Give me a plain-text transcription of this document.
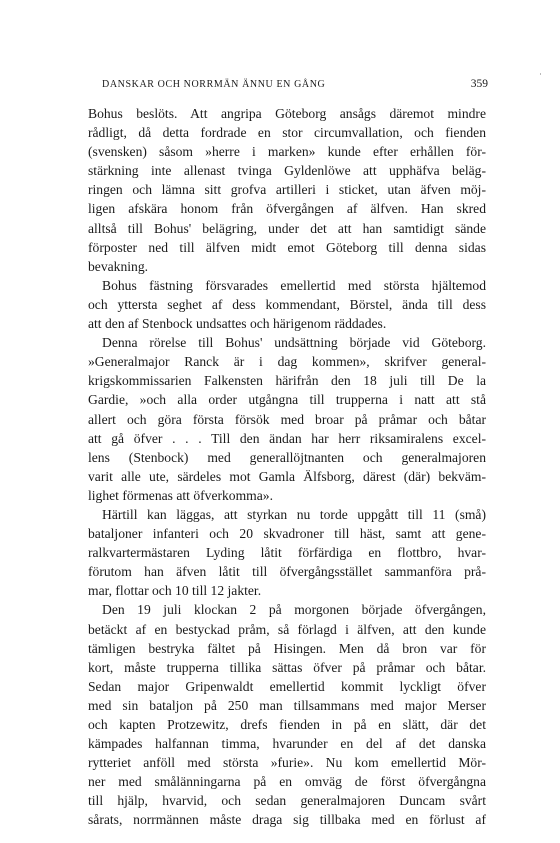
DANSKAR OCH NORRMÄN ÄNNU EN GÅNG	359
Bohus beslöts. Att angripa Göteborg ansågs däremot mindre
rådligt, då detta fordrade en stor circumvallation, och fienden
(svensken) såsom »herre i marken» kunde efter erhållen för-
stärkning inte allenast tvinga Gyldenlöwe att upphäfva beläg-
ringen och lämna sitt grofva artilleri i sticket, utan äfven möj-
ligen afskära honom från öfvergången af älfven. Han skred
alltså till Bohus' belägring, under det att han samtidigt sände
förposter ned till älfven midt emot Göteborg till denna sidas
bevakning.
Bohus fästning försvarades emellertid med största hjältemod
och yttersta seghet af dess kommendant, Börstel, ända till dess
att den af Stenbock undsattes och härigenom räddades.
Denna rörelse till Bohus' undsättning började vid Göteborg.
»Generalmajor Ranck är i dag kommen», skrifver general-
krigskommissarien Falkensten härifrån den 18 juli till De la
Gardie, »och alla order utgångna till trupperna i natt att stå
allert och göra första försök med broar på pråmar och båtar
att gå öfver . . . Till den ändan har herr riksamiralens excel-
lens (Stenbock) med generallöjtnanten och generalmajoren
varit alle ute, särdeles mot Gamla Älfsborg, därest (där) bekväm-
lighet förmenas att öfverkomma».
Härtill kan läggas, att styrkan nu torde uppgått till 11 (små)
bataljoner infanteri och 20 skvadroner till häst, samt att gene-
ralkvartermästaren Lyding låtit förfärdiga en flottbro, hvar-
förutom han äfven låtit till öfvergångsstället sammanföra prå-
mar, flottar och 10 till 12 jakter.
Den 19 juli klockan 2 på morgonen började öfvergången,
betäckt af en bestyckad pråm, så förlagd i älfven, att den kunde
tämligen bestryka fältet på Hisingen. Men då bron var för
kort, måste trupperna tillika sättas öfver på pråmar och båtar.
Sedan major Gripenwaldt emellertid kommit lyckligt öfver
med sin bataljon på 250 man tillsammans med major Merser
och kapten Protzewitz, drefs fienden in på en slätt, där det
kämpades halfannan timma, hvarunder en del af det danska
rytteriet anföll med största »furie». Nu kom emellertid Mör-
ner med smålänningarna på en omväg de först öfvergångna
till hjälp, hvarvid, och sedan generalmajoren Duncam svårt
sårats, norrmännen måste draga sig tillbaka med en förlust af
